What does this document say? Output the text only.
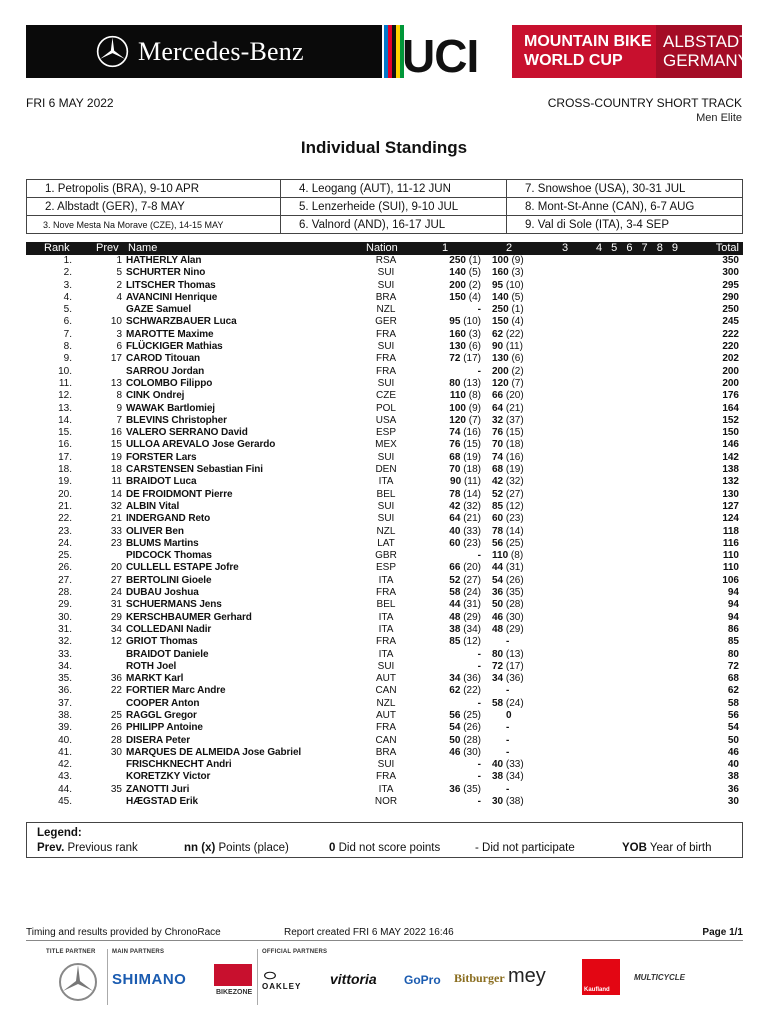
Mercedes-Benz UCI	MOUNTAIN BIKE
WORLD CUP
ALBSTADT
GERMANY
FRI 6 MAY 2022	CROSS-COUNTRY SHORT TRACK
Men Elite
Individual Standings
1. Petropolis (BRA), 9-10 APR	4. Leogang (AUT), 11-12 JUN	7. Snowshoe (USA), 30-31 JUL
2. Albstadt (GER), 7-8 MAY	5. Lenzerheide (SUI), 9-10 JUL	8. Mont-St-Anne (CAN), 6-7 AUG
3. Nove Mesta Na Morave (CZE), 14-15 MAY	6. Valnord (AND), 16-17 JUL	9. Val di Sole (ITA), 3-4 SEP
Rank Prev Name	Nation	1	2	3	4 5 6 7 8 9	Total
1.	1 HATHERLY Alan	RSA	250 (1) 100 (9)	350
2.	5 SCHURTER Nino	SUI	140 (5) 160 (3)	300
3.	2 LITSCHER Thomas	SUI	200 (2) 95 (10)	295
4.	4 AVANCINI Henrique	BRA	150 (4) 140 (5)	290
5.	GAZE Samuel	NZL	- 250 (1)	250
6.	10 SCHWARZBAUER Luca	GER	95 (10) 150 (4)	245
7.	3 MAROTTE Maxime	FRA	160 (3) 62 (22)	222
8.	6 FLÜCKIGER Mathias	SUI	130 (6) 90 (11)	220
9.	17 CAROD Titouan	FRA	72 (17) 130 (6)	202
10.	SARROU Jordan	FRA	- 200 (2)	200
11.	13 COLOMBO Filippo	SUI	80 (13) 120 (7)	200
12.	8 CINK Ondrej	CZE	110 (8) 66 (20)	176
13.	9 WAWAK Bartlomiej	POL	100 (9) 64 (21)	164
14.	7 BLEVINS Christopher	USA	120 (7) 32 (37)	152
15.	16 VALERO SERRANO David	ESP	74 (16) 76 (15)	150
16.	15 ULLOA AREVALO Jose Gerardo	MEX	76 (15) 70 (18)	146
17.	19 FORSTER Lars	SUI	68 (19) 74 (16)	142
18.	18 CARSTENSEN Sebastian Fini	DEN	70 (18) 68 (19)	138
19.	11 BRAIDOT Luca	ITA	90 (11) 42 (32)	132
20.	14 DE FROIDMONT Pierre	BEL	78 (14) 52 (27)	130
21.	32 ALBIN Vital	SUI	42 (32) 85 (12)	127
22.	21 INDERGAND Reto	SUI	64 (21) 60 (23)	124
23.	33 OLIVER Ben	NZL	40 (33) 78 (14)	118
24.	23 BLUMS Martins	LAT	60 (23) 56 (25)	116
25.	PIDCOCK Thomas	GBR	- 110 (8)	110
26.	20 CULLELL ESTAPE Jofre	ESP	66 (20) 44 (31)	110
27.	27 BERTOLINI Gioele	ITA	52 (27) 54 (26)	106
28.	24 DUBAU Joshua	FRA	58 (24) 36 (35)	94
29.	31 SCHUERMANS Jens	BEL	44 (31) 50 (28)	94
30.	29 KERSCHBAUMER Gerhard	ITA	48 (29) 46 (30)	94
31.	34 COLLEDANI Nadir	ITA	38 (34) 48 (29)	86
32.	12 GRIOT Thomas	FRA	85 (12)	-	85
33.	BRAIDOT Daniele	ITA	- 80 (13)	80
34.	ROTH Joel	SUI	- 72 (17)	72
35.	36 MARKT Karl	AUT	34 (36) 34 (36)	68
36.	22 FORTIER Marc Andre	CAN	62 (22)	-	62
37.	COOPER Anton	NZL	- 58 (24)	58
38.	25 RAGGL Gregor	AUT	56 (25)	0	56
39.	26 PHILIPP Antoine	FRA	54 (26)	-	54
40.	28 DISERA Peter	CAN	50 (28)	-	50
41.	30 MARQUES DE ALMEIDA Jose Gabriel	BRA	46 (30)	-	46
42.	FRISCHKNECHT Andri	SUI	- 40 (33)	40
43.	KORETZKY Victor	FRA	- 38 (34)	38
44.	35 ZANOTTI Juri	ITA	36 (35)	-	36
45.	HÆGSTAD Erik	NOR	- 30 (38)	30
Legend:
Prev. Previous rank	nn (x) Points (place)	0 Did not score points	- Did not participate	YOB Year of birth
Timing and results provided by ChronoRace	Report created FRI 6 MAY 2022 16:46	Page 1/1
TITLE PARTNER	MAIN PARTNERS	OFFICIAL PARTNERS
SHIMANO
BIKEZONE
⬭
OAKLEY vittoria GoPro Bitburger mey
Kaufland
MULTICYCLE
